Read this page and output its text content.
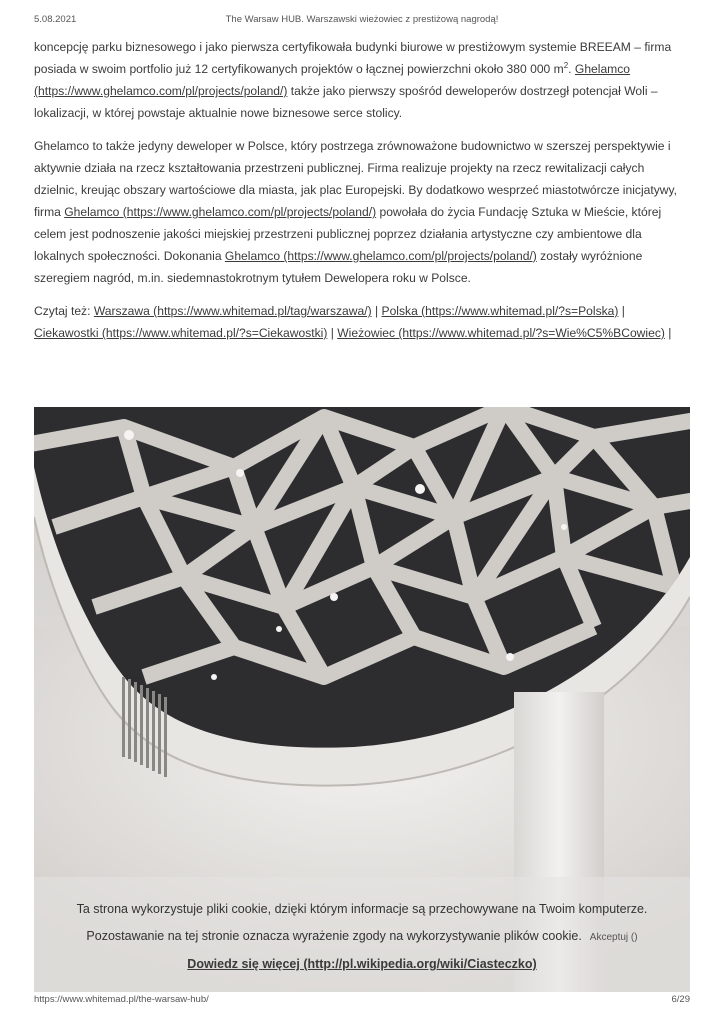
5.08.2021	The Warsaw HUB. Warszawski wieżowiec z prestiżową nagrodą!

koncepcję parku biznesowego i jako pierwsza certyfikowała budynki biurowe w prestiżowym systemie BREEAM – firma posiada w swoim portfolio już 12 certyfikowanych projektów o łącznej powierzchni około 380 000 $m^2$. Ghelamco (https://www.ghelamco.com/pl/projects/poland/) także jako pierwszy spośród deweloperów dostrzegł potencjał Woli – lokalizacji, w której powstaje aktualnie nowe biznesowe serce stolicy.

Ghelamco to także jedyny deweloper w Polsce, który postrzega zrównoważone budownictwo w szerszej perspektywie i aktywnie działa na rzecz kształtowania przestrzeni publicznej. Firma realizuje projekty na rzecz rewitalizacji całych dzielnic, kreując obszary wartościowe dla miasta, jak plac Europejski. By dodatkowo wesprzeć miastotwórcze inicjatywy, firma Ghelamco (https://www.ghelamco.com/pl/projects/poland/) powołała do życia Fundację Sztuka w Mieście, której celem jest podnoszenie jakości miejskiej przestrzeni publicznej poprzez działania artystyczne czy ambientowe dla lokalnych społeczności. Dokonania Ghelamco (https://www.ghelamco.com/pl/projects/poland/) zostały wyróżnione szeregiem nagród, m.in. siedemnastokrotnym tytułem Dewelopera roku w Polsce.

Czytaj też: Warszawa (https://www.whitemad.pl/tag/warszawa/) | Polska (https://www.whitemad.pl/?s=Polska) | Ciekawostki (https://www.whitemad.pl/?s=Ciekawostki) | Wieżowiec (https://www.whitemad.pl/?s=Wie%C5%BCowiec) |

Ta strona wykorzystuje pliki cookie, dzięki którym informacje są przechowywane na Twoim komputerze.
Pozostawanie na tej stronie oznacza wyrażenie zgody na wykorzystywanie plików cookie. Akceptuj ()
Dowiedz się więcej (http://pl.wikipedia.org/wiki/Ciasteczko)
https://www.whitemad.pl/the-warsaw-hub/	6/29
